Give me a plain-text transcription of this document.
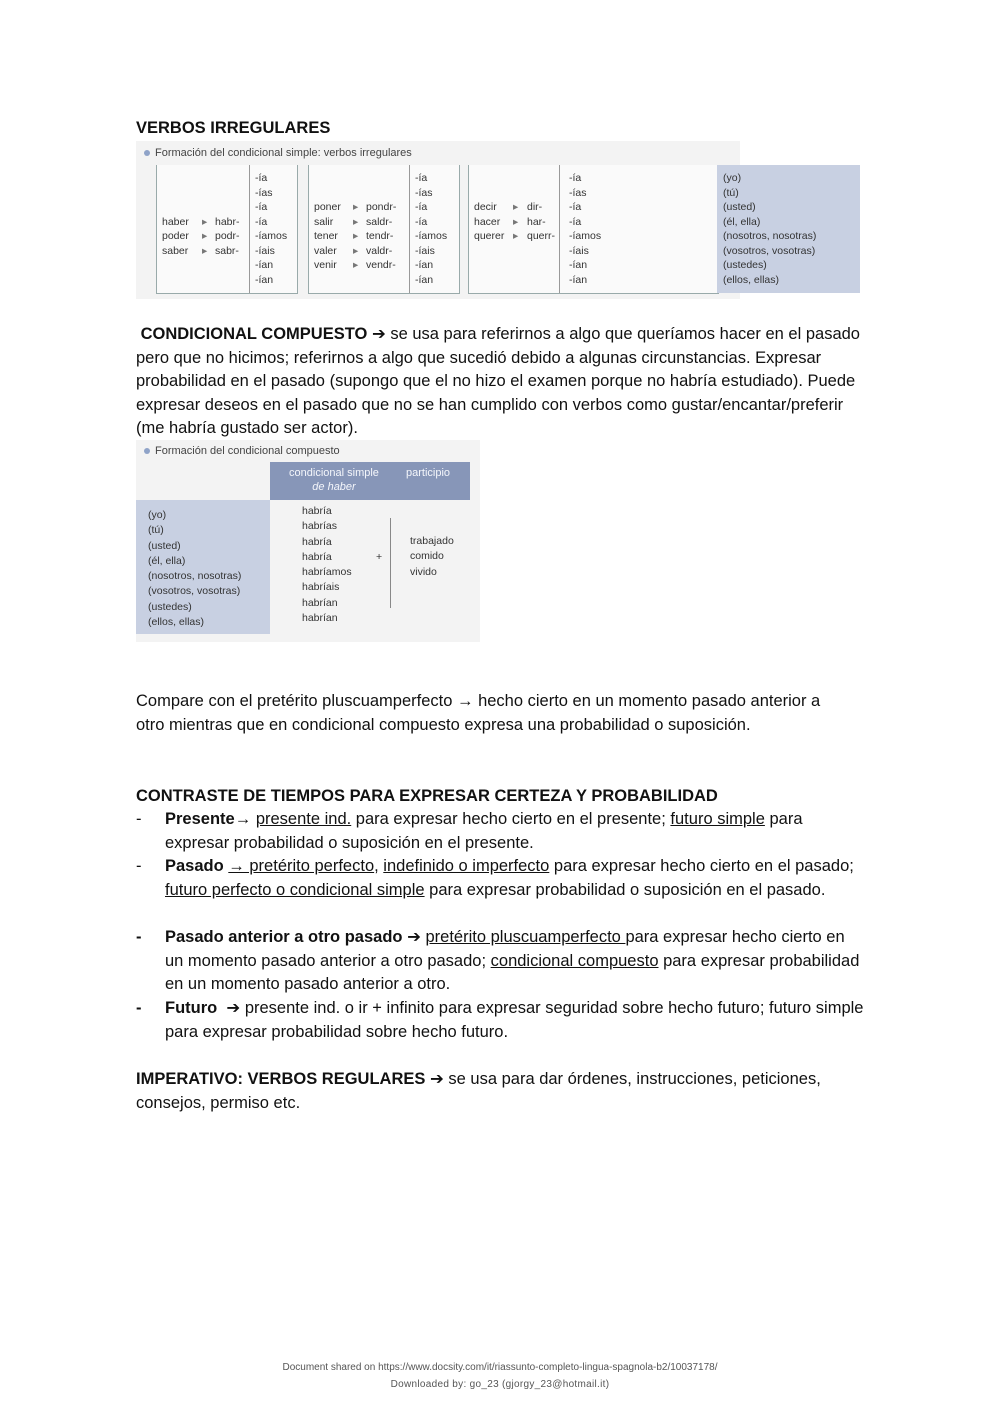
VERBOS IRREGULARES
Formación del condicional simple: verbos irregulares

haber
poder
saber

▸
▸
▸

habr-
podr-
sabr-
-ía
-ías
-ía
-ía
-íamos
-íais
-ían
-ían

poner
salir
tener
valer
venir

▸
▸
▸
▸
▸

pondr-
saldr-
tendr-
valdr-
vendr-
-ía
-ías
-ía
-ía
-íamos
-íais
-ían
-ían

decir
hacer
querer

▸
▸
▸

dir-
har-
querr-
-ía
-ías
-ía
-ía
-íamos
-íais
-ían
-ían
(yo)
(tú)
(usted)
(él, ella)
(nosotros, nosotras)
(vosotros, vosotras)
(ustedes)
(ellos, ellas)
CONDICIONAL COMPUESTO ➔ se usa para referirnos a algo que queríamos hacer en el pasado pero que no hicimos; referirnos a algo que sucedió debido a algunas circunstancias. Expresar probabilidad en el pasado (supongo que el no hizo el examen porque no habría estudiado). Puede expresar deseos en el pasado que no se han cumplido con verbos como gustar/encantar/preferir (me habría gustado ser actor).
Formación del condicional compuesto
condicional simple
de haber
participio
(yo)
(tú)
(usted)
(él, ella)
(nosotros, nosotras)
(vosotros, vosotras)
(ustedes)
(ellos, ellas)
habría
habrías
habría
habría
habríamos
habríais
habrían
habrían
+
trabajado
comido
vivido
Compare con el pretérito pluscuamperfecto → hecho cierto en un momento pasado anterior a otro mientras que en condicional compuesto expresa una probabilidad o suposición.
CONTRASTE DE TIEMPOS PARA EXPRESAR CERTEZA Y PROBABILIDAD
- Presente→ presente ind. para expresar hecho cierto en el presente; futuro simple para expresar probabilidad o suposición en el presente.
- Pasado → pretérito perfecto, indefinido o imperfecto para expresar hecho cierto en el pasado; futuro perfecto o condicional simple para expresar probabilidad o suposición en el pasado.
- Pasado anterior a otro pasado ➔ pretérito pluscuamperfecto para expresar hecho cierto en un momento pasado anterior a otro pasado; condicional compuesto para expresar probabilidad en un momento pasado anterior a otro.
- Futuro ➔ presente ind. o ir + infinito para expresar seguridad sobre hecho futuro; futuro simple para expresar probabilidad sobre hecho futuro.
IMPERATIVO: VERBOS REGULARES ➔ se usa para dar órdenes, instrucciones, peticiones, consejos, permiso etc.
Document shared on https://www.docsity.com/it/riassunto-completo-lingua-spagnola-b2/10037178/
Downloaded by: go_23 (gjorgy_23@hotmail.it)
